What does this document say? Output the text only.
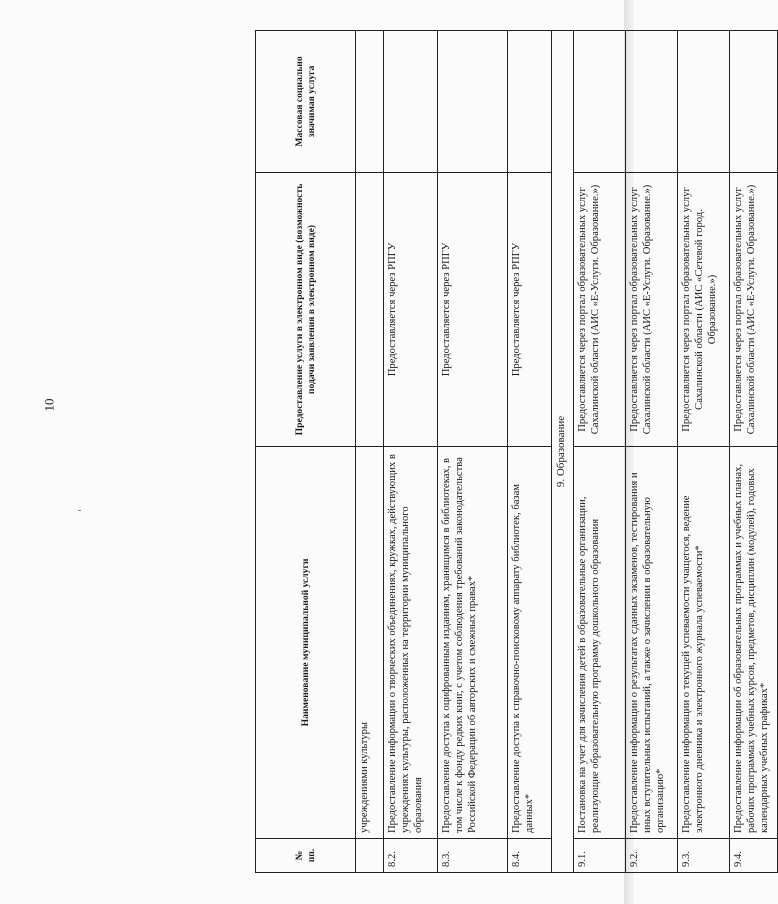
10
№ пп.	Наименование муниципальной услуги	Предоставление услуги в электронном виде (возможность подачи заявления в электронном виде)	Массовая социально значимая услуга
	учреждениями культуры		
8.2.	Предоставление информации о творческих объединениях, кружках, действующих в учреждениях культуры, расположенных на территории муниципального образования	Предоставляется через РПГУ	
8.3.	Предоставление доступа к оцифрованным изданиям, хранящимся в библиотеках, в том числе к фонду редких книг, с учетом соблюдения требований законодательства Российской Федерации об авторских и смежных правах*	Предоставляется через РПГУ	
8.4.	Предоставление доступа к справочно-поисковому аппарату библиотек, базам данных*	Предоставляется через РПГУ	
9. Образование			
9.1.	Постановка на учет для зачисления детей в образовательные организации, реализующие образовательную программу дошкольного образования	Предоставляется через портал образовательных услуг Сахалинской области (АИС «Е-Услуги. Образование.»)	
9.2.	Предоставление информации о результатах сданных экзаменов, тестирования и иных вступительных испытаний, а также о зачислении в образовательную организацию*	Предоставляется через портал образовательных услуг Сахалинской области (АИС «Е-Услуги. Образование.»)	
9.3.	Предоставление информации о текущей успеваемости учащегося, ведение электронного дневника и электронного журнала успеваемости*	Предоставляется через портал образовательных услуг Сахалинской области (АИС «Сетевой город. Образование.»)	
9.4.	Предоставление информации об образовательных программах и учебных планах, рабочих программах учебных курсов, предметов, дисциплин (модулей), годовых календарных учебных графиках*	Предоставляется через портал образовательных услуг Сахалинской области (АИС «Е-Услуги. Образование.»)	
